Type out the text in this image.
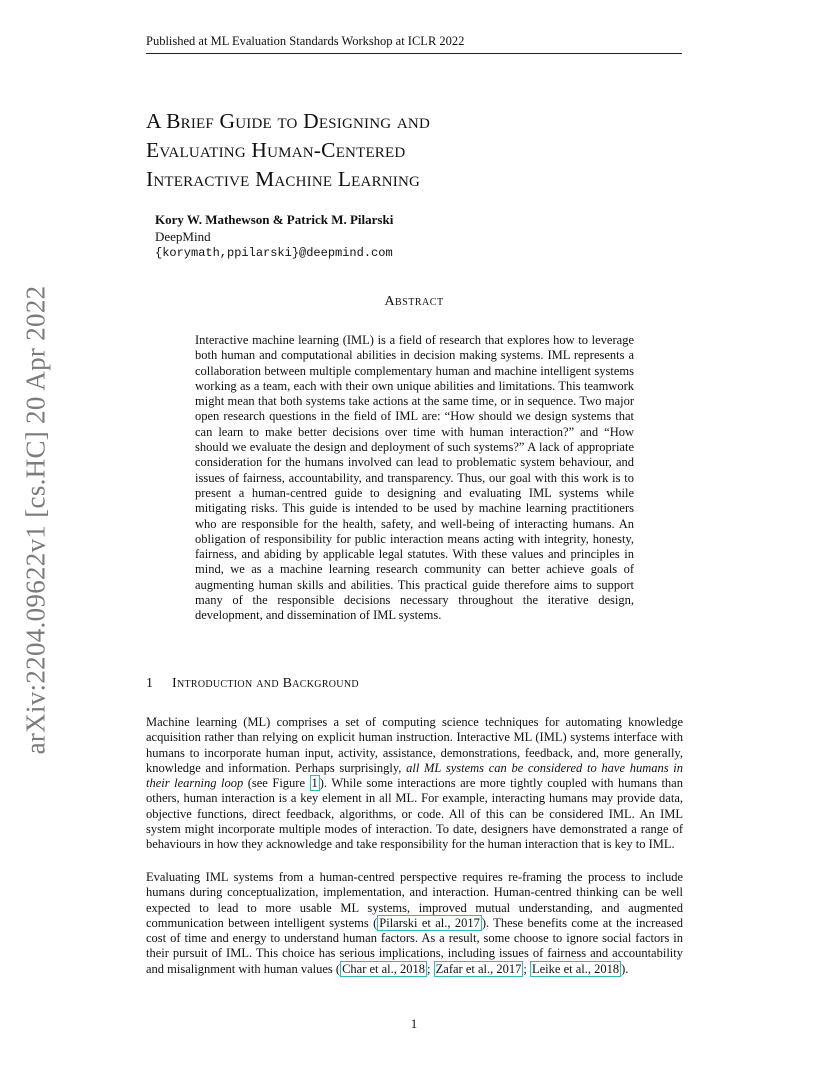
Published at ML Evaluation Standards Workshop at ICLR 2022
arXiv:2204.09622v1 [cs.HC] 20 Apr 2022
A Brief Guide to Designing and
Evaluating Human-Centered
Interactive Machine Learning
Kory W. Mathewson & Patrick M. Pilarski
DeepMind
{korymath,ppilarski}@deepmind.com
Abstract

Interactive machine learning (IML) is a field of research that explores how to leverage both human and computational abilities in decision making systems. IML represents a collaboration between multiple complementary human and machine intelligent systems working as a team, each with their own unique abilities and limitations. This teamwork might mean that both systems take actions at the same time, or in sequence. Two major open research questions in the field of IML are: “How should we design systems that can learn to make better decisions over time with human interaction?” and “How should we evaluate the design and deployment of such systems?” A lack of appropriate consideration for the humans involved can lead to problematic system behaviour, and issues of fairness, accountability, and transparency. Thus, our goal with this work is to present a human-centred guide to designing and evaluating IML systems while mitigating risks. This guide is intended to be used by machine learning practitioners who are responsible for the health, safety, and well-being of interacting humans. An obligation of responsibility for public interaction means acting with integrity, honesty, fairness, and abiding by applicable legal statutes. With these values and principles in mind, we as a machine learning research community can better achieve goals of augmenting human skills and abilities. This practical guide therefore aims to support many of the responsible decisions necessary throughout the iterative design, development, and dissemination of IML systems.

1 Introduction and Background

Machine learning (ML) comprises a set of computing science techniques for automating knowledge acquisition rather than relying on explicit human instruction. Interactive ML (IML) systems interface with humans to incorporate human input, activity, assistance, demonstrations, feedback, and, more generally, knowledge and information. Perhaps surprisingly, all ML systems can be considered to have humans in their learning loop (see Figure 1 ). While some interactions are more tightly coupled with humans than others, human interaction is a key element in all ML. For example, interacting humans may provide data, objective functions, direct feedback, algorithms, or code. All of this can be considered IML. An IML system might incorporate multiple modes of interaction. To date, designers have demonstrated a range of behaviours in how they acknowledge and take responsibility for the human interaction that is key to IML.

Evaluating IML systems from a human-centred perspective requires re-framing the process to include humans during conceptualization, implementation, and interaction. Human-centred thinking can be well expected to lead to more usable ML systems, improved mutual understanding, and augmented communication between intelligent systems ( Pilarski et al., 2017 ). These benefits come at the increased cost of time and energy to understand human factors. As a result, some choose to ignore social factors in their pursuit of IML. This choice has serious implications, including issues of fairness and accountability and misalignment with human values ( Char et al., 2018 ; Zafar et al., 2017 ; Leike et al., 2018 ).

1
